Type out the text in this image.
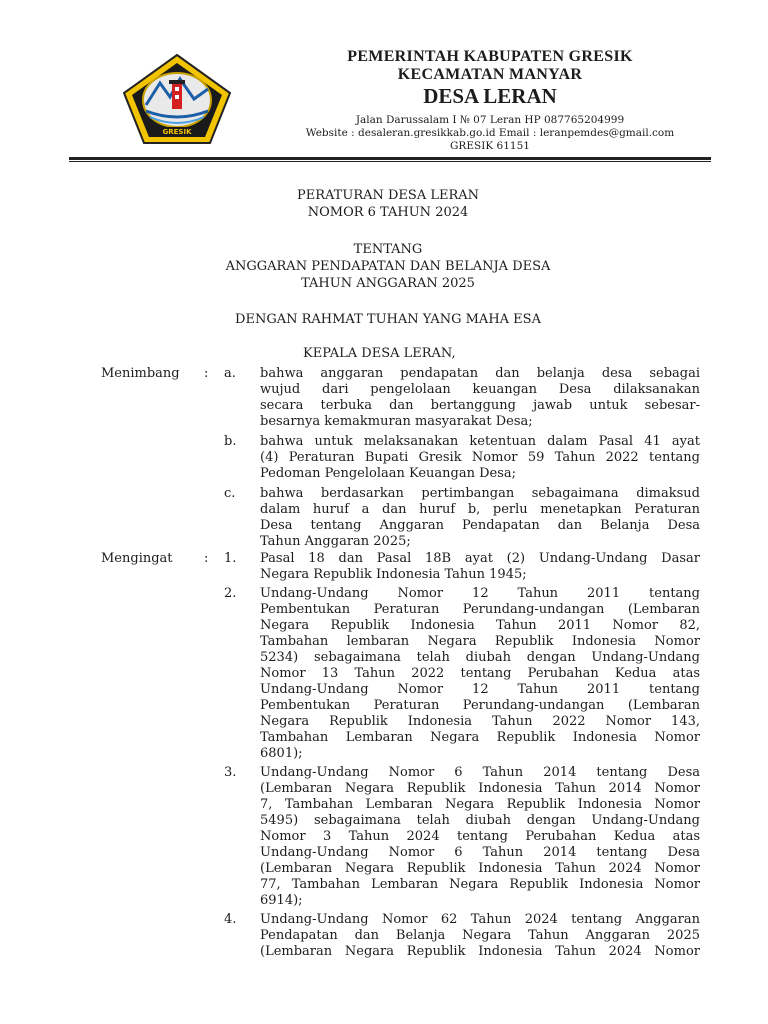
GRESIK
PEMERINTAH KABUPATEN GRESIK
KECAMATAN MANYAR
DESA LERAN
Jalan Darussalam I № 07 Leran HP 087765204999
Website : desaleran.gresikkab.go.id Email : leranpemdes@gmail.com
GRESIK 61151
PERATURAN DESA LERAN
NOMOR 6 TAHUN 2024
TENTANG
ANGGARAN PENDAPATAN DAN BELANJA DESA
TAHUN ANGGARAN 2025
DENGAN RAHMAT TUHAN YANG MAHA ESA
KEPALA DESA LERAN,
Menimbang : a. bahwa anggaran pendapatan dan belanja desa sebagai
wujud dari pengelolaan keuangan Desa dilaksanakan
secara terbuka dan bertanggung jawab untuk sebesar-
besarnya kemakmuran masyarakat Desa;
b. bahwa untuk melaksanakan ketentuan dalam Pasal 41 ayat
(4) Peraturan Bupati Gresik Nomor 59 Tahun 2022 tentang
Pedoman Pengelolaan Keuangan Desa;
c. bahwa berdasarkan pertimbangan sebagaimana dimaksud
dalam huruf a dan huruf b, perlu menetapkan Peraturan
Desa tentang Anggaran Pendapatan dan Belanja Desa
Tahun Anggaran 2025;
Mengingat : 1. Pasal 18 dan Pasal 18B ayat (2) Undang-Undang Dasar
Negara Republik Indonesia Tahun 1945;
2. Undang-Undang Nomor 12 Tahun 2011 tentang
Pembentukan Peraturan Perundang-undangan (Lembaran
Negara Republik Indonesia Tahun 2011 Nomor 82,
Tambahan lembaran Negara Republik Indonesia Nomor
5234) sebagaimana telah diubah dengan Undang-Undang
Nomor 13 Tahun 2022 tentang Perubahan Kedua atas
Undang-Undang Nomor 12 Tahun 2011 tentang
Pembentukan Peraturan Perundang-undangan (Lembaran
Negara Republik Indonesia Tahun 2022 Nomor 143,
Tambahan Lembaran Negara Republik Indonesia Nomor
6801);
3. Undang-Undang Nomor 6 Tahun 2014 tentang Desa
(Lembaran Negara Republik Indonesia Tahun 2014 Nomor
7, Tambahan Lembaran Negara Republik Indonesia Nomor
5495) sebagaimana telah diubah dengan Undang-Undang
Nomor 3 Tahun 2024 tentang Perubahan Kedua atas
Undang-Undang Nomor 6 Tahun 2014 tentang Desa
(Lembaran Negara Republik Indonesia Tahun 2024 Nomor
77, Tambahan Lembaran Negara Republik Indonesia Nomor
6914);
4. Undang-Undang Nomor 62 Tahun 2024 tentang Anggaran
Pendapatan dan Belanja Negara Tahun Anggaran 2025
(Lembaran Negara Republik Indonesia Tahun 2024 Nomor
